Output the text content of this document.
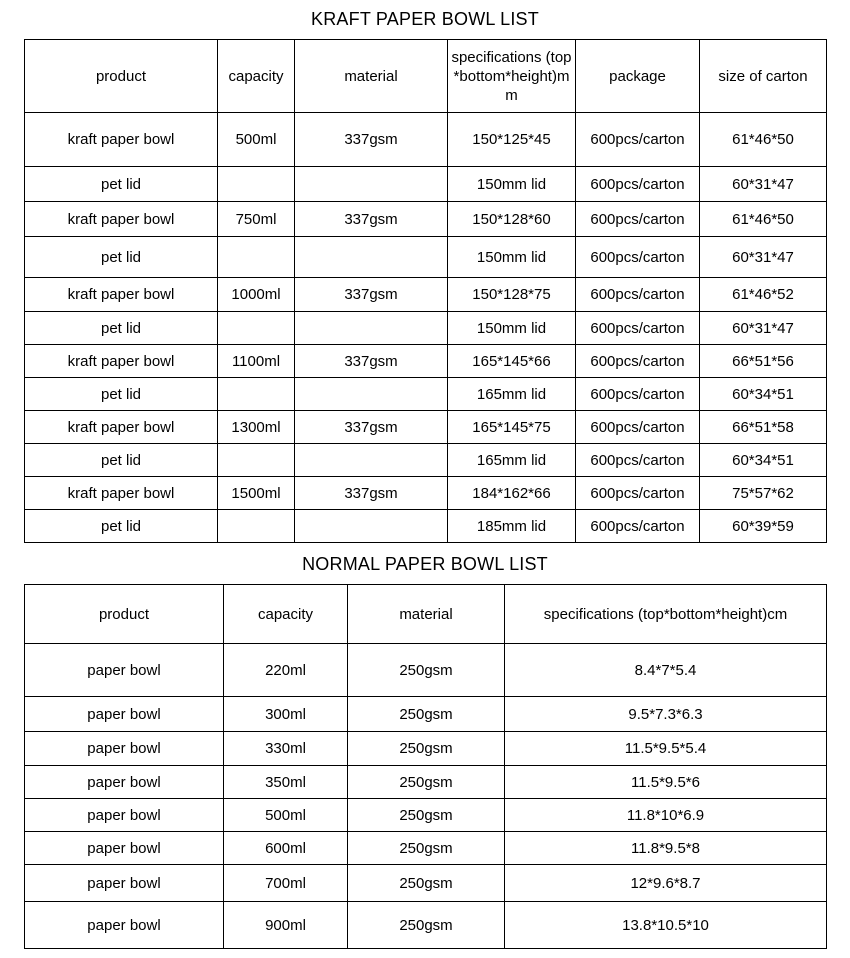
KRAFT PAPER BOWL LIST
product	capacity	material	specifications (top*bottom*height)mm	package	size of carton
kraft paper bowl	500ml	337gsm	150*125*45	600pcs/carton	61*46*50
pet lid			150mm lid	600pcs/carton	60*31*47
kraft paper bowl	750ml	337gsm	150*128*60	600pcs/carton	61*46*50
pet lid			150mm lid	600pcs/carton	60*31*47
kraft paper bowl	1000ml	337gsm	150*128*75	600pcs/carton	61*46*52
pet lid			150mm lid	600pcs/carton	60*31*47
kraft paper bowl	1100ml	337gsm	165*145*66	600pcs/carton	66*51*56
pet lid			165mm lid	600pcs/carton	60*34*51
kraft paper bowl	1300ml	337gsm	165*145*75	600pcs/carton	66*51*58
pet lid			165mm lid	600pcs/carton	60*34*51
kraft paper bowl	1500ml	337gsm	184*162*66	600pcs/carton	75*57*62
pet lid			185mm lid	600pcs/carton	60*39*59
NORMAL PAPER BOWL LIST
product	capacity	material	specifications (top*bottom*height)cm
paper bowl	220ml	250gsm	8.4*7*5.4
paper bowl	300ml	250gsm	9.5*7.3*6.3
paper bowl	330ml	250gsm	11.5*9.5*5.4
paper bowl	350ml	250gsm	11.5*9.5*6
paper bowl	500ml	250gsm	11.8*10*6.9
paper bowl	600ml	250gsm	11.8*9.5*8
paper bowl	700ml	250gsm	12*9.6*8.7
paper bowl	900ml	250gsm	13.8*10.5*10
